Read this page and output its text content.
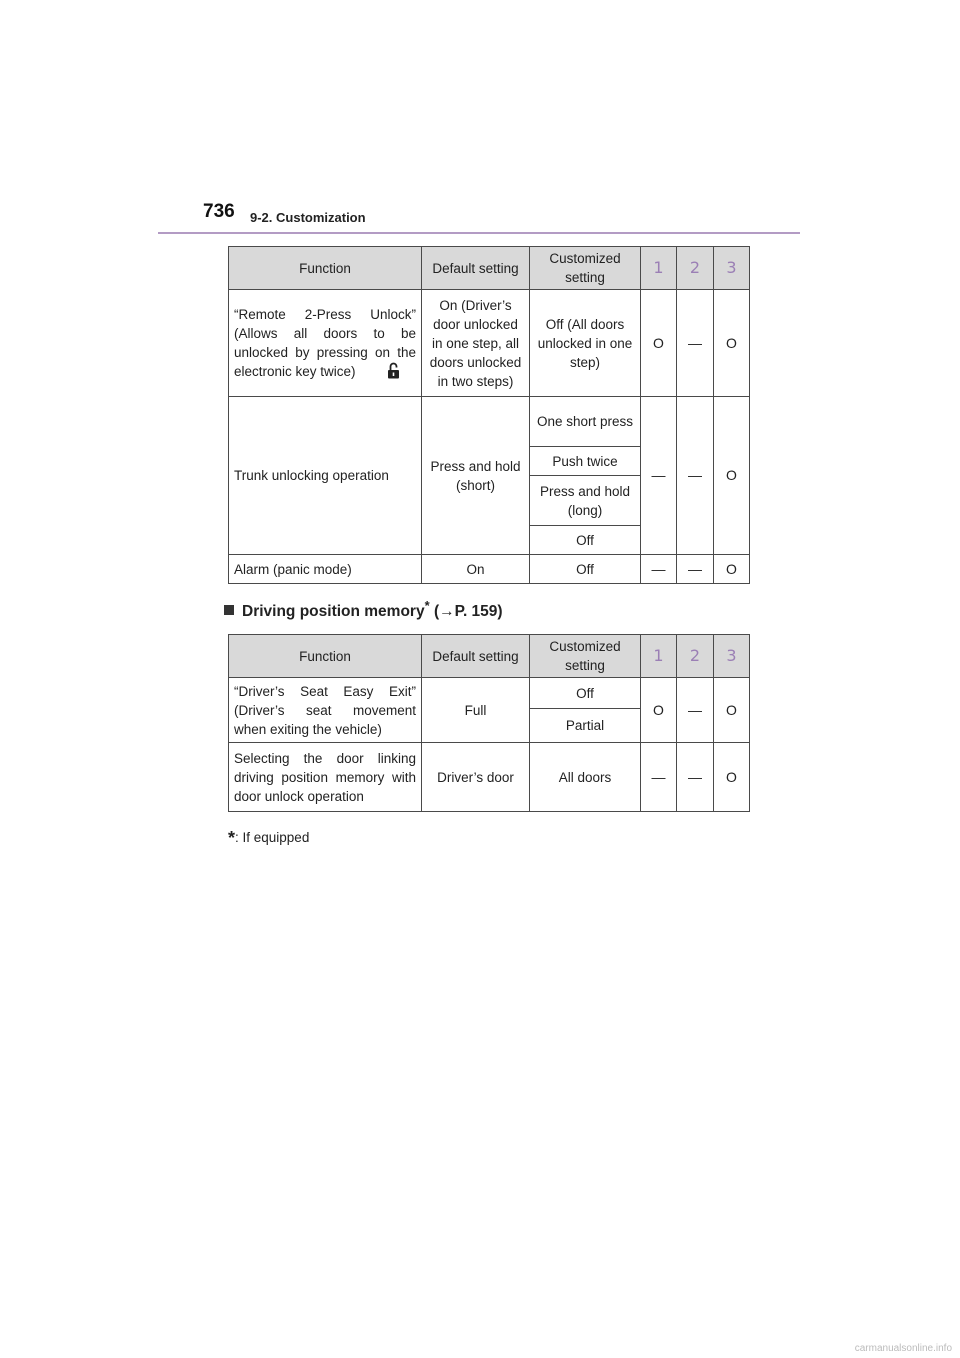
736 9-2. Customization
Function	Default setting	Customized setting	1	2	3
“Remote 2-Press Unlock” (Allows all doors to be unlocked by pressing on the electronic key twice)	On (Driver’s door unlocked in one step, all doors unlocked in two steps)	Off (All doors unlocked in one step)	O	—	O
Trunk unlocking operation	Press and hold (short)	One short press	—	—	O
		Push twice			
		Press and hold (long)			
		Off			
Alarm (panic mode)	On	Off	—	—	O
Driving position memory* (→P. 159)
Function	Default setting	Customized setting	1	2	3
“Driver’s Seat Easy Exit” (Driver’s seat movement when exiting the vehicle)	Full	Off	O	—	O
		Partial			
Selecting the door linking driving position memory with door unlock operation	Driver’s door	All doors	—	—	O
*: If equipped
carmanualsonline.info
